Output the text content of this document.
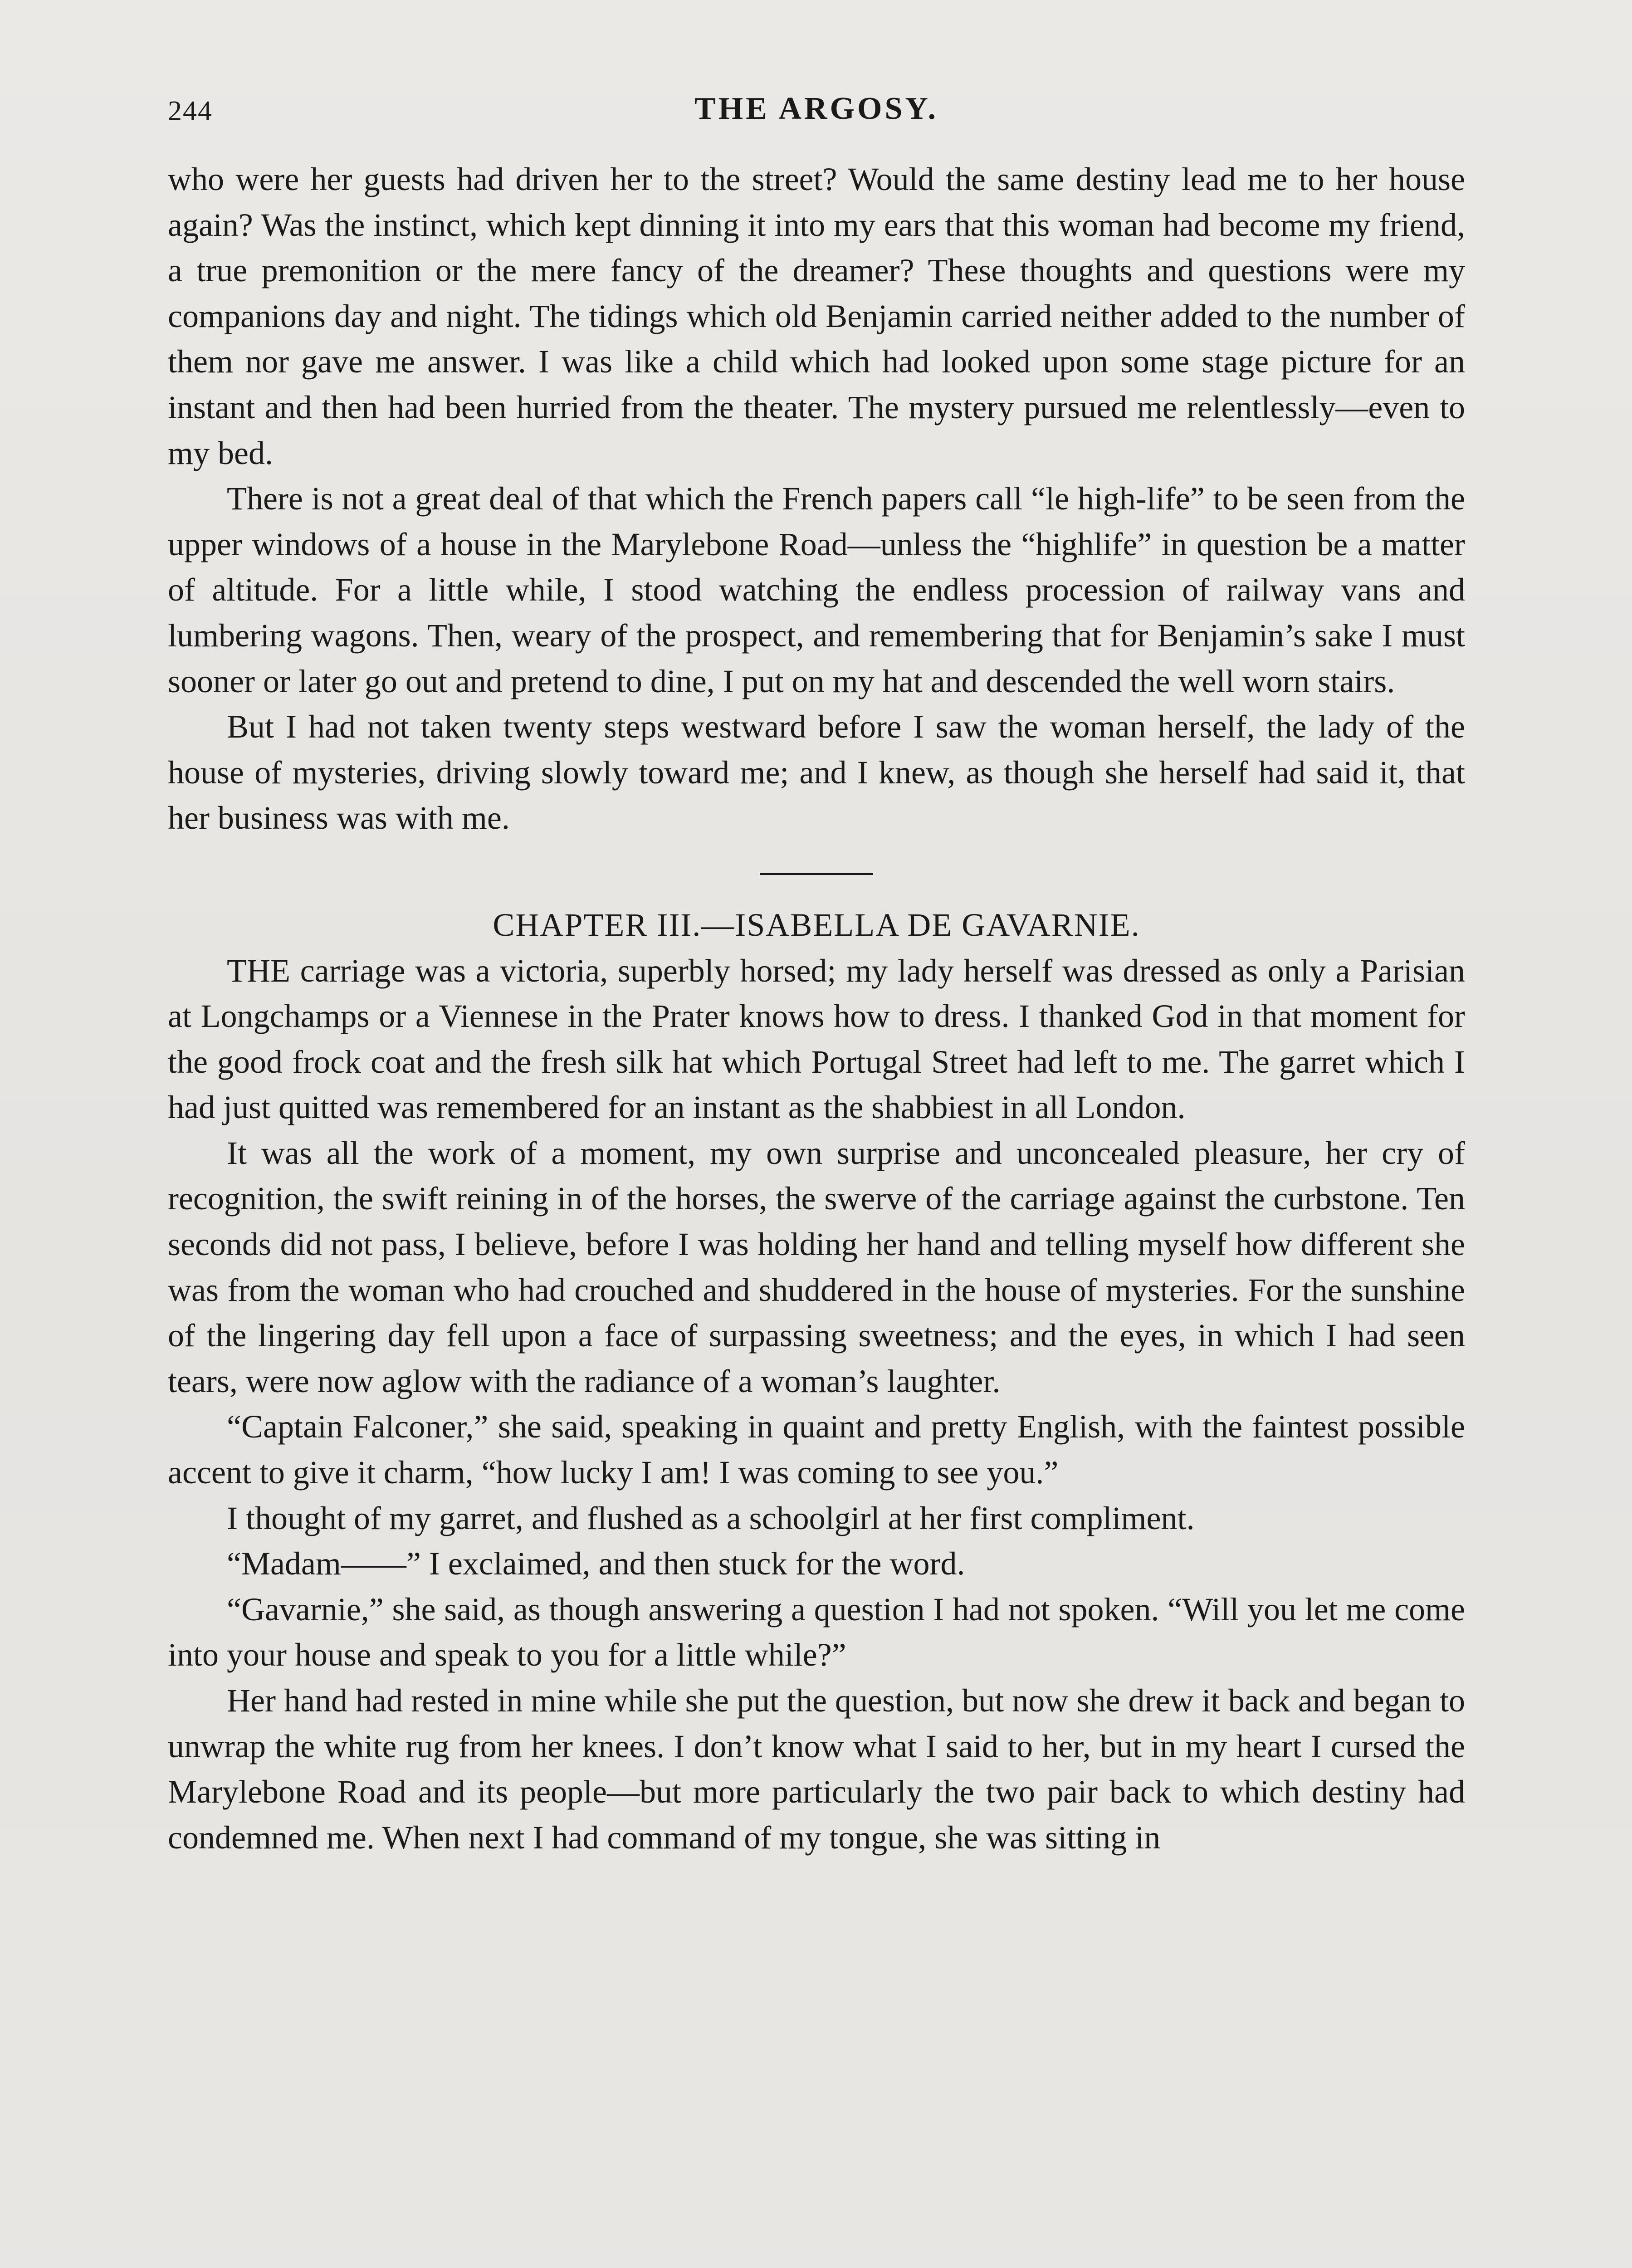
244	THE ARGOSY.

who were her guests had driven her to the street? Would the same destiny lead me to her house again? Was the instinct, which kept dinning it into my ears that this woman had become my friend, a true premonition or the mere fancy of the dreamer? These thoughts and questions were my companions day and night. The tidings which old Benjamin carried neither added to the number of them nor gave me answer. I was like a child which had looked upon some stage picture for an instant and then had been hurried from the theater. The mystery pursued me relentlessly—even to my bed.

There is not a great deal of that which the French papers call “le high-life” to be seen from the upper windows of a house in the Marylebone Road—unless the “highlife” in question be a matter of altitude. For a little while, I stood watching the endless procession of railway vans and lumbering wagons. Then, weary of the prospect, and remembering that for Benjamin’s sake I must sooner or later go out and pretend to dine, I put on my hat and descended the well worn stairs.

But I had not taken twenty steps westward before I saw the woman herself, the lady of the house of mysteries, driving slowly toward me; and I knew, as though she herself had said it, that her business was with me.

CHAPTER III.—ISABELLA DE GAVARNIE.

THE carriage was a victoria, superbly horsed; my lady herself was dressed as only a Parisian at Longchamps or a Viennese in the Prater knows how to dress. I thanked God in that moment for the good frock coat and the fresh silk hat which Portugal Street had left to me. The garret which I had just quitted was remembered for an instant as the shabbiest in all London.

It was all the work of a moment, my own surprise and unconcealed pleasure, her cry of recognition, the swift reining in of the horses, the swerve of the carriage against the curbstone. Ten seconds did not pass, I believe, before I was holding her hand and telling myself how different she was from the woman who had crouched and shuddered in the house of mysteries. For the sunshine of the lingering day fell upon a face of surpassing sweetness; and the eyes, in which I had seen tears, were now aglow with the radiance of a woman’s laughter.

“Captain Falconer,” she said, speaking in quaint and pretty English, with the faintest possible accent to give it charm, “how lucky I am! I was coming to see you.”

I thought of my garret, and flushed as a schoolgirl at her first compliment.

“Madam——” I exclaimed, and then stuck for the word.

“Gavarnie,” she said, as though answering a question I had not spoken. “Will you let me come into your house and speak to you for a little while?”

Her hand had rested in mine while she put the question, but now she drew it back and began to unwrap the white rug from her knees. I don’t know what I said to her, but in my heart I cursed the Marylebone Road and its people—but more particularly the two pair back to which destiny had condemned me. When next I had command of my tongue, she was sitting in
